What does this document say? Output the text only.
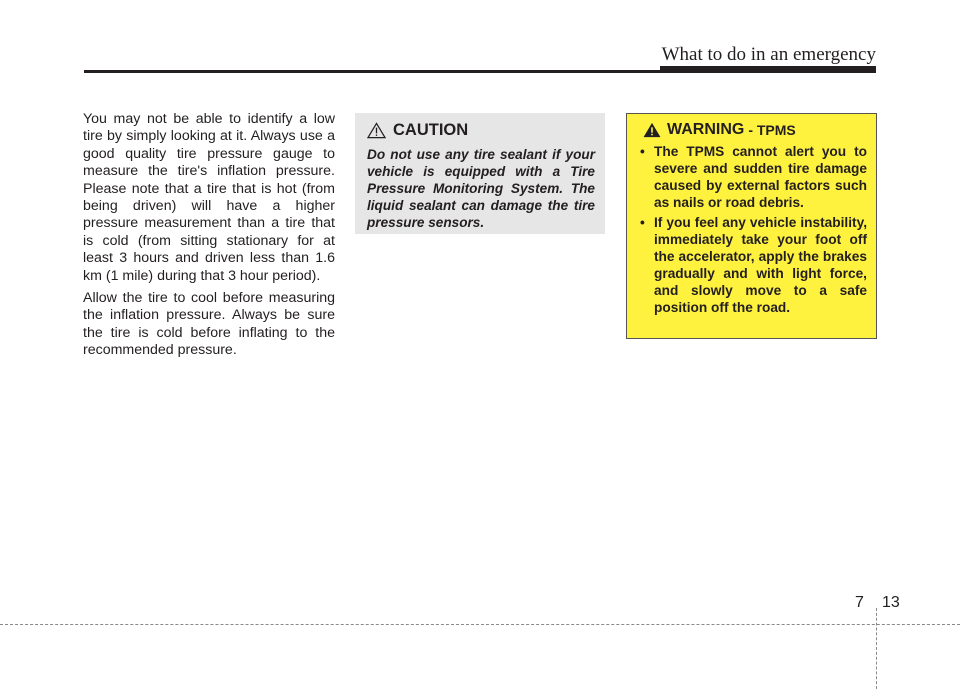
What to do in an emergency

You may not be able to identify a low tire by simply looking at it. Always use a good quality tire pressure gauge to measure the tire's inflation pressure. Please note that a tire that is hot (from being driven) will have a higher pressure measurement than a tire that is cold (from sitting stationary for at least 3 hours and driven less than 1.6 km (1 mile) during that 3 hour period).

Allow the tire to cool before measuring the inflation pressure. Always be sure the tire is cold before inflating to the recommended pressure.

CAUTION

Do not use any tire sealant if your vehicle is equipped with a Tire Pressure Monitoring System. The liquid sealant can damage the tire pressure sensors.

WARNING - TPMS
• The TPMS cannot alert you to severe and sudden tire damage caused by external factors such as nails or road debris.
• If you feel any vehicle instability, immediately take your foot off the accelerator, apply the brakes gradually and with light force, and slowly move to a safe position off the road.
7 13
